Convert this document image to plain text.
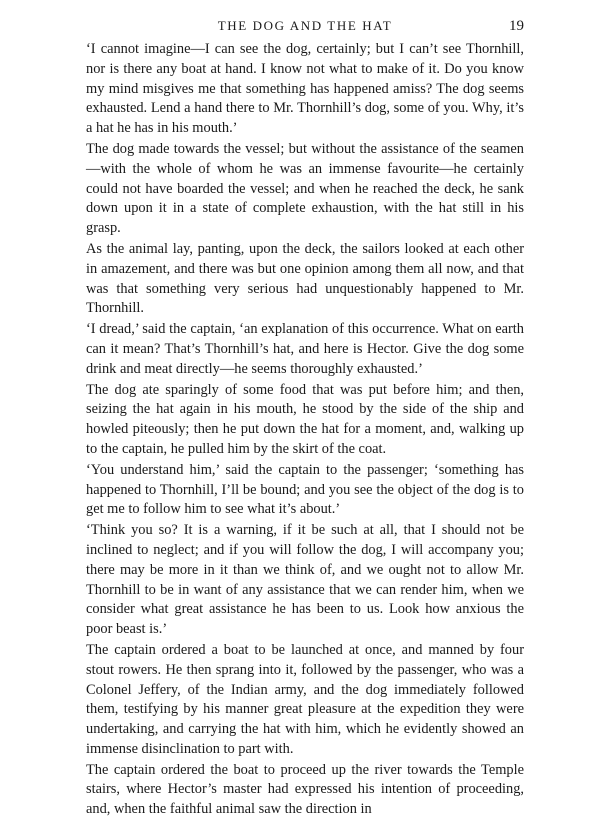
THE DOG AND THE HAT	19

‘I cannot imagine—I can see the dog, certainly; but I can’t see Thornhill, nor is there any boat at hand. I know not what to make of it. Do you know my mind misgives me that something has happened amiss? The dog seems exhausted. Lend a hand there to Mr. Thornhill’s dog, some of you. Why, it’s a hat he has in his mouth.’

The dog made towards the vessel; but without the assistance of the seamen—with the whole of whom he was an immense favourite—he certainly could not have boarded the vessel; and when he reached the deck, he sank down upon it in a state of complete exhaustion, with the hat still in his grasp.

As the animal lay, panting, upon the deck, the sailors looked at each other in amazement, and there was but one opinion among them all now, and that was that something very serious had unquestionably happened to Mr. Thornhill.

‘I dread,’ said the captain, ‘an explanation of this occurrence. What on earth can it mean? That’s Thornhill’s hat, and here is Hector. Give the dog some drink and meat directly—he seems thoroughly exhausted.’

The dog ate sparingly of some food that was put before him; and then, seizing the hat again in his mouth, he stood by the side of the ship and howled piteously; then he put down the hat for a moment, and, walking up to the captain, he pulled him by the skirt of the coat.

‘You understand him,’ said the captain to the passenger; ‘something has happened to Thornhill, I’ll be bound; and you see the object of the dog is to get me to follow him to see what it’s about.’

‘Think you so? It is a warning, if it be such at all, that I should not be inclined to neglect; and if you will follow the dog, I will accompany you; there may be more in it than we think of, and we ought not to allow Mr. Thornhill to be in want of any assistance that we can render him, when we consider what great assistance he has been to us. Look how anxious the poor beast is.’

The captain ordered a boat to be launched at once, and manned by four stout rowers. He then sprang into it, followed by the passenger, who was a Colonel Jeffery, of the Indian army, and the dog immediately followed them, testifying by his manner great pleasure at the expedition they were undertaking, and carrying the hat with him, which he evidently showed an immense disinclination to part with.

The captain ordered the boat to proceed up the river towards the Temple stairs, where Hector’s master had expressed his intention of proceeding, and, when the faithful animal saw the direction in
